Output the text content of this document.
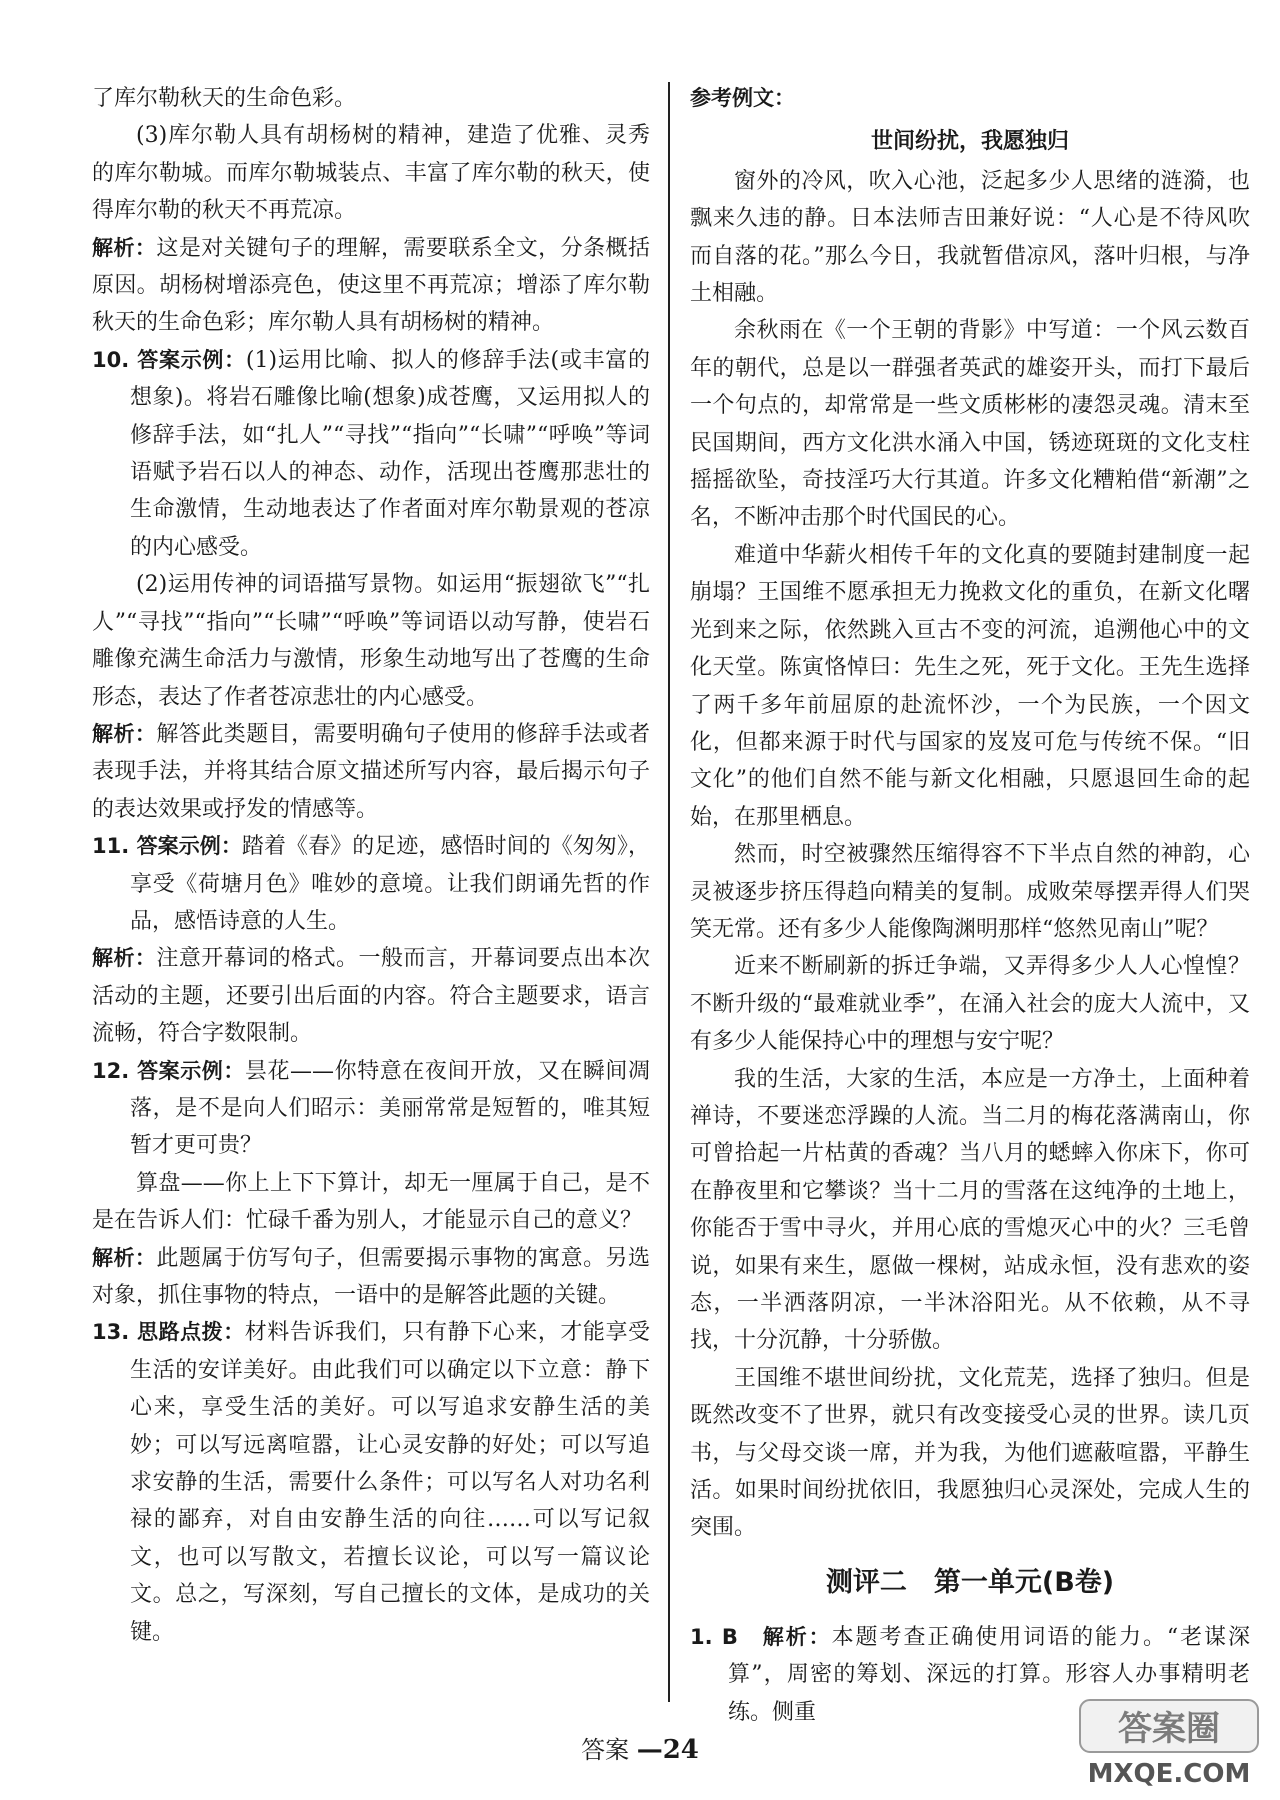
了库尔勒秋天的生命色彩。

(3)库尔勒人具有胡杨树的精神，建造了优雅、灵秀的库尔勒城。而库尔勒城装点、丰富了库尔勒的秋天，使得库尔勒的秋天不再荒凉。

解析：这是对关键句子的理解，需要联系全文，分条概括原因。胡杨树增添亮色，使这里不再荒凉；增添了库尔勒秋天的生命色彩；库尔勒人具有胡杨树的精神。

10. 答案示例：(1)运用比喻、拟人的修辞手法(或丰富的想象)。将岩石雕像比喻(想象)成苍鹰，又运用拟人的修辞手法，如“扎人”“寻找”“指向”“长啸”“呼唤”等词语赋予岩石以人的神态、动作，活现出苍鹰那悲壮的生命激情，生动地表达了作者面对库尔勒景观的苍凉的内心感受。

(2)运用传神的词语描写景物。如运用“振翅欲飞”“扎人”“寻找”“指向”“长啸”“呼唤”等词语以动写静，使岩石雕像充满生命活力与激情，形象生动地写出了苍鹰的生命形态，表达了作者苍凉悲壮的内心感受。

解析：解答此类题目，需要明确句子使用的修辞手法或者表现手法，并将其结合原文描述所写内容，最后揭示句子的表达效果或抒发的情感等。

11. 答案示例：踏着《春》的足迹，感悟时间的《匆匆》，享受《荷塘月色》唯妙的意境。让我们朗诵先哲的作品，感悟诗意的人生。

解析：注意开幕词的格式。一般而言，开幕词要点出本次活动的主题，还要引出后面的内容。符合主题要求，语言流畅，符合字数限制。

12. 答案示例：昙花——你特意在夜间开放，又在瞬间凋落，是不是向人们昭示：美丽常常是短暂的，唯其短暂才更可贵？

算盘——你上上下下算计，却无一厘属于自己，是不是在告诉人们：忙碌千番为别人，才能显示自己的意义？

解析：此题属于仿写句子，但需要揭示事物的寓意。另选对象，抓住事物的特点，一语中的是解答此题的关键。

13. 思路点拨：材料告诉我们，只有静下心来，才能享受生活的安详美好。由此我们可以确定以下立意：静下心来，享受生活的美好。可以写追求安静生活的美妙；可以写远离喧嚣，让心灵安静的好处；可以写追求安静的生活，需要什么条件；可以写名人对功名利禄的鄙弃，对自由安静生活的向往……可以写记叙文，也可以写散文，若擅长议论，可以写一篇议论文。总之，写深刻，写自己擅长的文体，是成功的关键。

参考例文：

世间纷扰，我愿独归

窗外的冷风，吹入心池，泛起多少人思绪的涟漪，也飘来久违的静。日本法师吉田兼好说：“人心是不待风吹而自落的花。”那么今日，我就暂借凉风，落叶归根，与净土相融。

余秋雨在《一个王朝的背影》中写道：一个风云数百年的朝代，总是以一群强者英武的雄姿开头，而打下最后一个句点的，却常常是一些文质彬彬的凄怨灵魂。清末至民国期间，西方文化洪水涌入中国，锈迹斑斑的文化支柱摇摇欲坠，奇技淫巧大行其道。许多文化糟粕借“新潮”之名，不断冲击那个时代国民的心。

难道中华薪火相传千年的文化真的要随封建制度一起崩塌？王国维不愿承担无力挽救文化的重负，在新文化曙光到来之际，依然跳入亘古不变的河流，追溯他心中的文化天堂。陈寅恪悼曰：先生之死，死于文化。王先生选择了两千多年前屈原的赴流怀沙，一个为民族，一个因文化，但都来源于时代与国家的岌岌可危与传统不保。“旧文化”的他们自然不能与新文化相融，只愿退回生命的起始，在那里栖息。

然而，时空被骤然压缩得容不下半点自然的神韵，心灵被逐步挤压得趋向精美的复制。成败荣辱摆弄得人们哭笑无常。还有多少人能像陶渊明那样“悠然见南山”呢？

近来不断刷新的拆迁争端，又弄得多少人人心惶惶？不断升级的“最难就业季”，在涌入社会的庞大人流中，又有多少人能保持心中的理想与安宁呢？

我的生活，大家的生活，本应是一方净土，上面种着禅诗，不要迷恋浮躁的人流。当二月的梅花落满南山，你可曾拾起一片枯黄的香魂？当八月的蟋蟀入你床下，你可在静夜里和它攀谈？当十二月的雪落在这纯净的土地上，你能否于雪中寻火，并用心底的雪熄灭心中的火？三毛曾说，如果有来生，愿做一棵树，站成永恒，没有悲欢的姿态，一半洒落阴凉，一半沐浴阳光。从不依赖，从不寻找，十分沉静，十分骄傲。

王国维不堪世间纷扰，文化荒芜，选择了独归。但是既然改变不了世界，就只有改变接受心灵的世界。读几页书，与父母交谈一席，并为我，为他们遮蔽喧嚣，平静生活。如果时间纷扰依旧，我愿独归心灵深处，完成人生的突围。

测评二　第一单元(B卷)

1. B　解析：本题考查正确使用词语的能力。“老谋深算”，周密的筹划、深远的打算。形容人办事精明老练。侧重

答案 —24
答案圈
MXQE.COM
